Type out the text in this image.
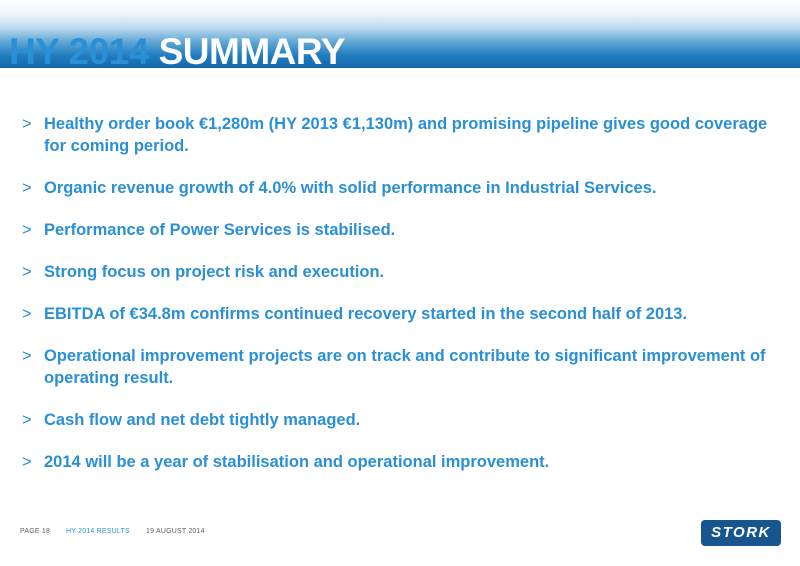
HY 2014 SUMMARY
> Healthy order book €1,280m (HY 2013 €1,130m) and promising pipeline gives good coverage for coming period.
> Organic revenue growth of 4.0% with solid performance in Industrial Services.
> Performance of Power Services is stabilised.
> Strong focus on project risk and execution.
> EBITDA of €34.8m confirms continued recovery started in the second half of 2013.
> Operational improvement projects are on track and contribute to significant improvement of operating result.
> Cash flow and net debt tightly managed.
> 2014 will be a year of stabilisation and operational improvement.
PAGE 18 HY 2014 RESULTS 19 AUGUST 2014	STORK
